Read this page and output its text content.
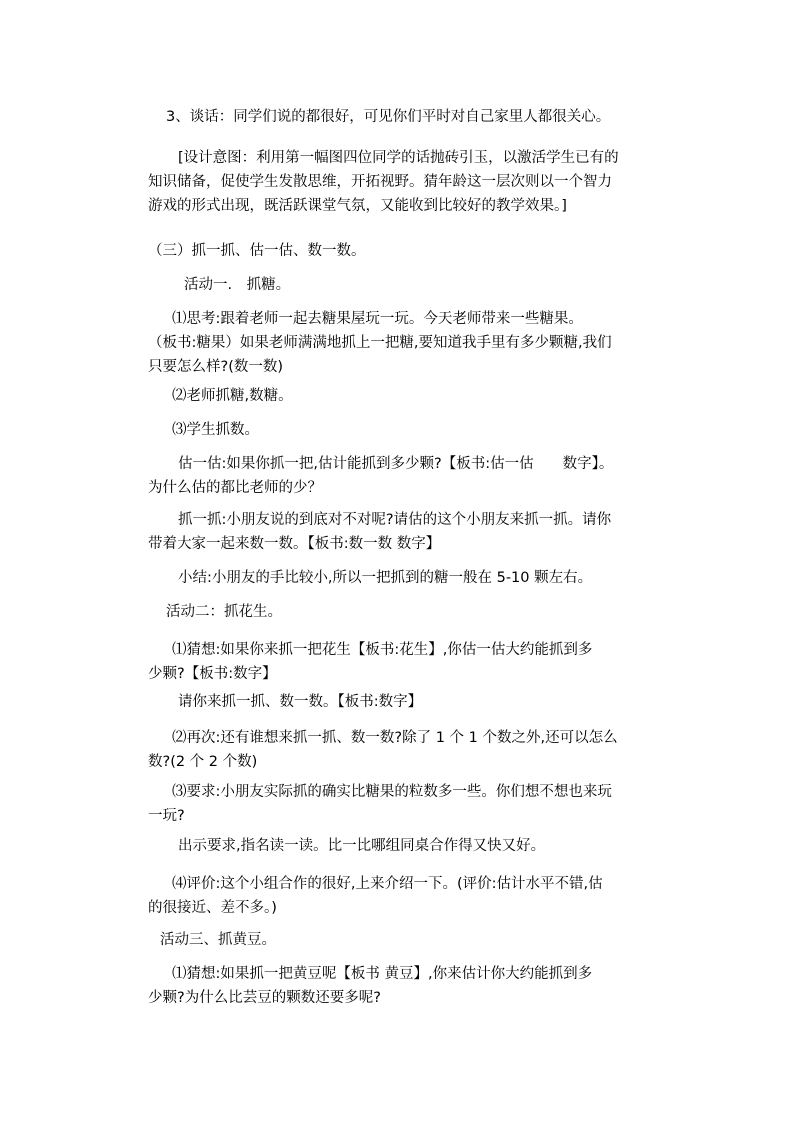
3、谈话：同学们说的都很好，可见你们平时对自己家里人都很关心。
[设计意图：利用第一幅图四位同学的话抛砖引玉，以激活学生已有的
知识储备，促使学生发散思维，开拓视野。猜年龄这一层次则以一个智力
游戏的形式出现，既活跃课堂气氛，又能收到比较好的教学效果。]
（三）抓一抓、估一估、数一数。
活动一.　抓糖。
⑴思考:跟着老师一起去糖果屋玩一玩。今天老师带来一些糖果。
（板书:糖果）如果老师满满地抓上一把糖,要知道我手里有多少颗糖,我们
只要怎么样?(数一数)
⑵老师抓糖,数糖。
⑶学生抓数。
估一估:如果你抓一把,估计能抓到多少颗?【板书:估一估　　数字】。
为什么估的都比老师的少？
抓一抓:小朋友说的到底对不对呢?请估的这个小朋友来抓一抓。请你
带着大家一起来数一数。【板书:数一数 数字】
小结:小朋友的手比较小,所以一把抓到的糖一般在 5-10 颗左右。
活动二：抓花生。
⑴猜想:如果你来抓一把花生【板书:花生】,你估一估大约能抓到多
少颗?【板书:数字】
请你来抓一抓、数一数。【板书:数字】
⑵再次:还有谁想来抓一抓、数一数?除了 1 个 1 个数之外,还可以怎么
数?(2 个 2 个数)
⑶要求:小朋友实际抓的确实比糖果的粒数多一些。你们想不想也来玩
一玩?
出示要求,指名读一读。比一比哪组同桌合作得又快又好。
⑷评价:这个小组合作的很好,上来介绍一下。(评价:估计水平不错,估
的很接近、差不多。)
活动三、抓黄豆。
⑴猜想:如果抓一把黄豆呢【板书 黄豆】,你来估计你大约能抓到多
少颗?为什么比芸豆的颗数还要多呢?
